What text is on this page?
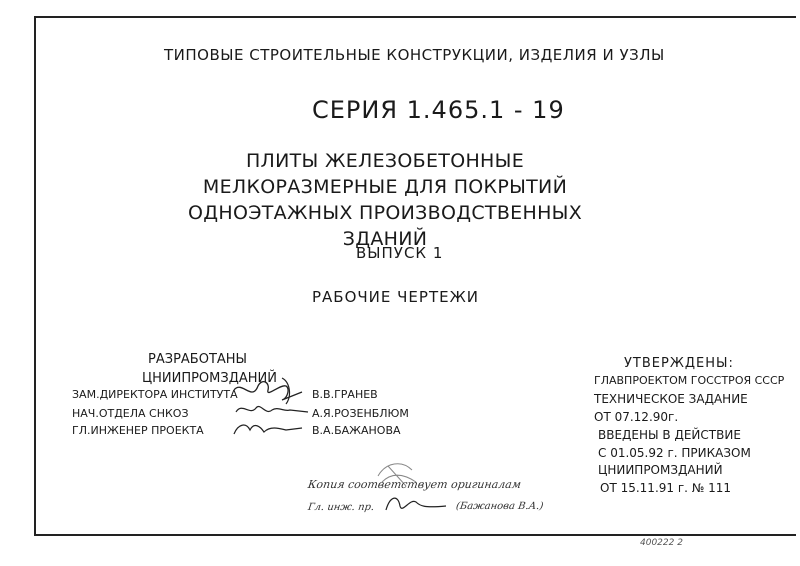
ТИПОВЫЕ СТРОИТЕЛЬНЫЕ КОНСТРУКЦИИ, ИЗДЕЛИЯ И УЗЛЫ
СЕРИЯ 1.465.1 - 19
ПЛИТЫ ЖЕЛЕЗОБЕТОННЫЕ МЕЛКОРАЗМЕРНЫЕ ДЛЯ ПОКРЫТИЙ ОДНОЭТАЖНЫХ ПРОИЗВОДСТВЕННЫХ ЗДАНИЙ
ВЫПУСК 1
РАБОЧИЕ ЧЕРТЕЖИ
РАЗРАБОТАНЫ
ЦНИИПРОМЗДАНИЙ
ЗАМ.ДИРЕКТОРА ИНСТИТУТА	В.В.ГРАНЕВ
НАЧ.ОТДЕЛА СНКОЗ	А.Я.РОЗЕНБЛЮМ
ГЛ.ИНЖЕНЕР ПРОЕКТА	В.А.БАЖАНОВА
УТВЕРЖДЕНЫ:
ГЛАВПРОЕКТОМ ГОССТРОЯ СССР
ТЕХНИЧЕСКОЕ ЗАДАНИЕ
ОТ 07.12.90г.
ВВЕДЕНЫ В ДЕЙСТВИЕ
С 01.05.92 г. ПРИКАЗОМ
ЦНИИПРОМЗДАНИЙ
ОТ 15.11.91 г. № 111
Копия соответствует оригиналам
Гл. инж. пр.	(Бажанова В.А.)
400222 2
